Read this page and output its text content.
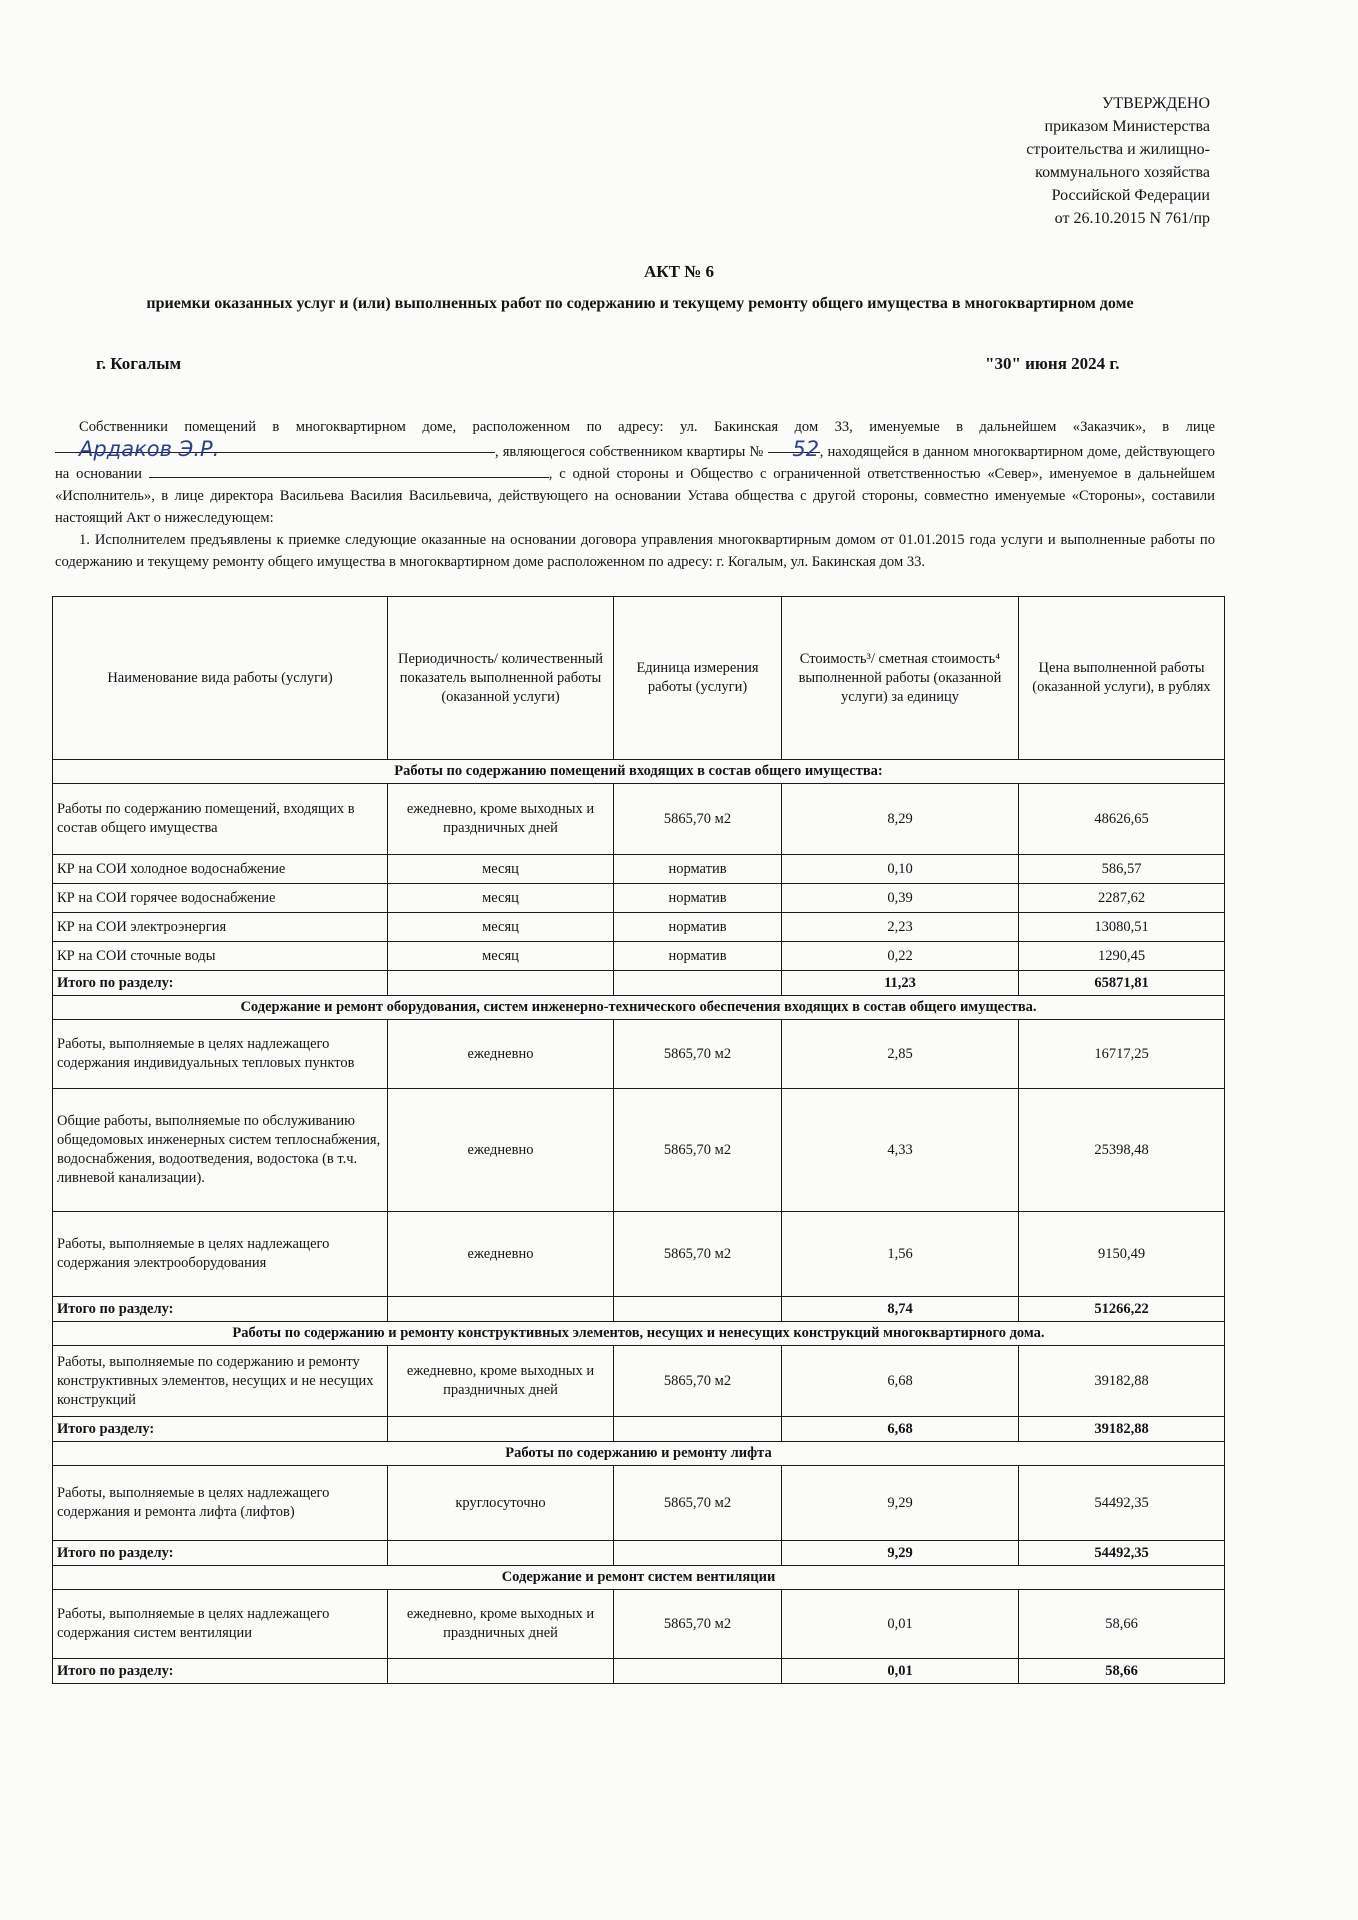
УТВЕРЖДЕНО
приказом Министерства
строительства и жилищно-
коммунального хозяйства
Российской Федерации
от 26.10.2015 N 761/пр
АКТ № 6
приемки оказанных услуг и (или) выполненных работ по содержанию и текущему ремонту общего имущества в многоквартирном доме
г. Когалым	"30" июня 2024 г.

Собственники помещений в многоквартирном доме, расположенном по адресу: ул. Бакинская дом 33, именуемые в дальнейшем «Заказчик», в лице Ардаков Э.Р.	, являющегося собственником квартиры № 52, находящейся в данном многоквартирном доме, действующего на основании	, с одной стороны и Общество с ограниченной ответственностью «Север», именуемое в дальнейшем «Исполнитель», в лице директора Васильева Василия Васильевича, действующего на основании Устава общества с другой стороны, совместно именуемые «Стороны», составили настоящий Акт о нижеследующем:

1. Исполнителем предъявлены к приемке следующие оказанные на основании договора управления многоквартирным домом от 01.01.2015 года услуги и выполненные работы по содержанию и текущему ремонту общего имущества в многоквартирном доме расположенном по адресу: г. Когалым, ул. Бакинская дом 33.

Наименование вида работы (услуги)	Периодичность/ количественный показатель выполненной работы (оказанной услуги)	Единица измерения работы (услуги)	Стоимость³/ сметная стоимость⁴ выполненной работы (оказанной услуги) за единицу	Цена выполненной работы (оказанной услуги), в рублях
Работы по содержанию помещений входящих в состав общего имущества:				
Работы по содержанию помещений, входящих в состав общего имущества	ежедневно, кроме выходных и праздничных дней	5865,70 м2	8,29	48626,65
КР на СОИ холодное водоснабжение	месяц	норматив	0,10	586,57
КР на СОИ горячее водоснабжение	месяц	норматив	0,39	2287,62
КР на СОИ электроэнергия	месяц	норматив	2,23	13080,51
КР на СОИ сточные воды	месяц	норматив	0,22	1290,45
Итого по разделу:			11,23	65871,81
Содержание и ремонт оборудования, систем инженерно-технического обеспечения входящих в состав общего имущества.				
Работы, выполняемые в целях надлежащего содержания индивидуальных тепловых пунктов	ежедневно	5865,70 м2	2,85	16717,25
Общие работы, выполняемые по обслуживанию общедомовых инженерных систем теплоснабжения, водоснабжения, водоотведения, водостока (в т.ч. ливневой канализации).	ежедневно	5865,70 м2	4,33	25398,48
Работы, выполняемые в целях надлежащего содержания электрооборудования	ежедневно	5865,70 м2	1,56	9150,49
Итого по разделу:			8,74	51266,22
Работы по содержанию и ремонту конструктивных элементов, несущих и ненесущих конструкций многоквартирного дома.				
Работы, выполняемые по содержанию и ремонту конструктивных элементов, несущих и не несущих конструкций	ежедневно, кроме выходных и праздничных дней	5865,70 м2	6,68	39182,88
Итого разделу:			6,68	39182,88
Работы по содержанию и ремонту лифта				
Работы, выполняемые в целях надлежащего содержания и ремонта лифта (лифтов)	круглосуточно	5865,70 м2	9,29	54492,35
Итого по разделу:			9,29	54492,35
Содержание и ремонт систем вентиляции				
Работы, выполняемые в целях надлежащего содержания систем вентиляции	ежедневно, кроме выходных и праздничных дней	5865,70 м2	0,01	58,66
Итого по разделу:			0,01	58,66
